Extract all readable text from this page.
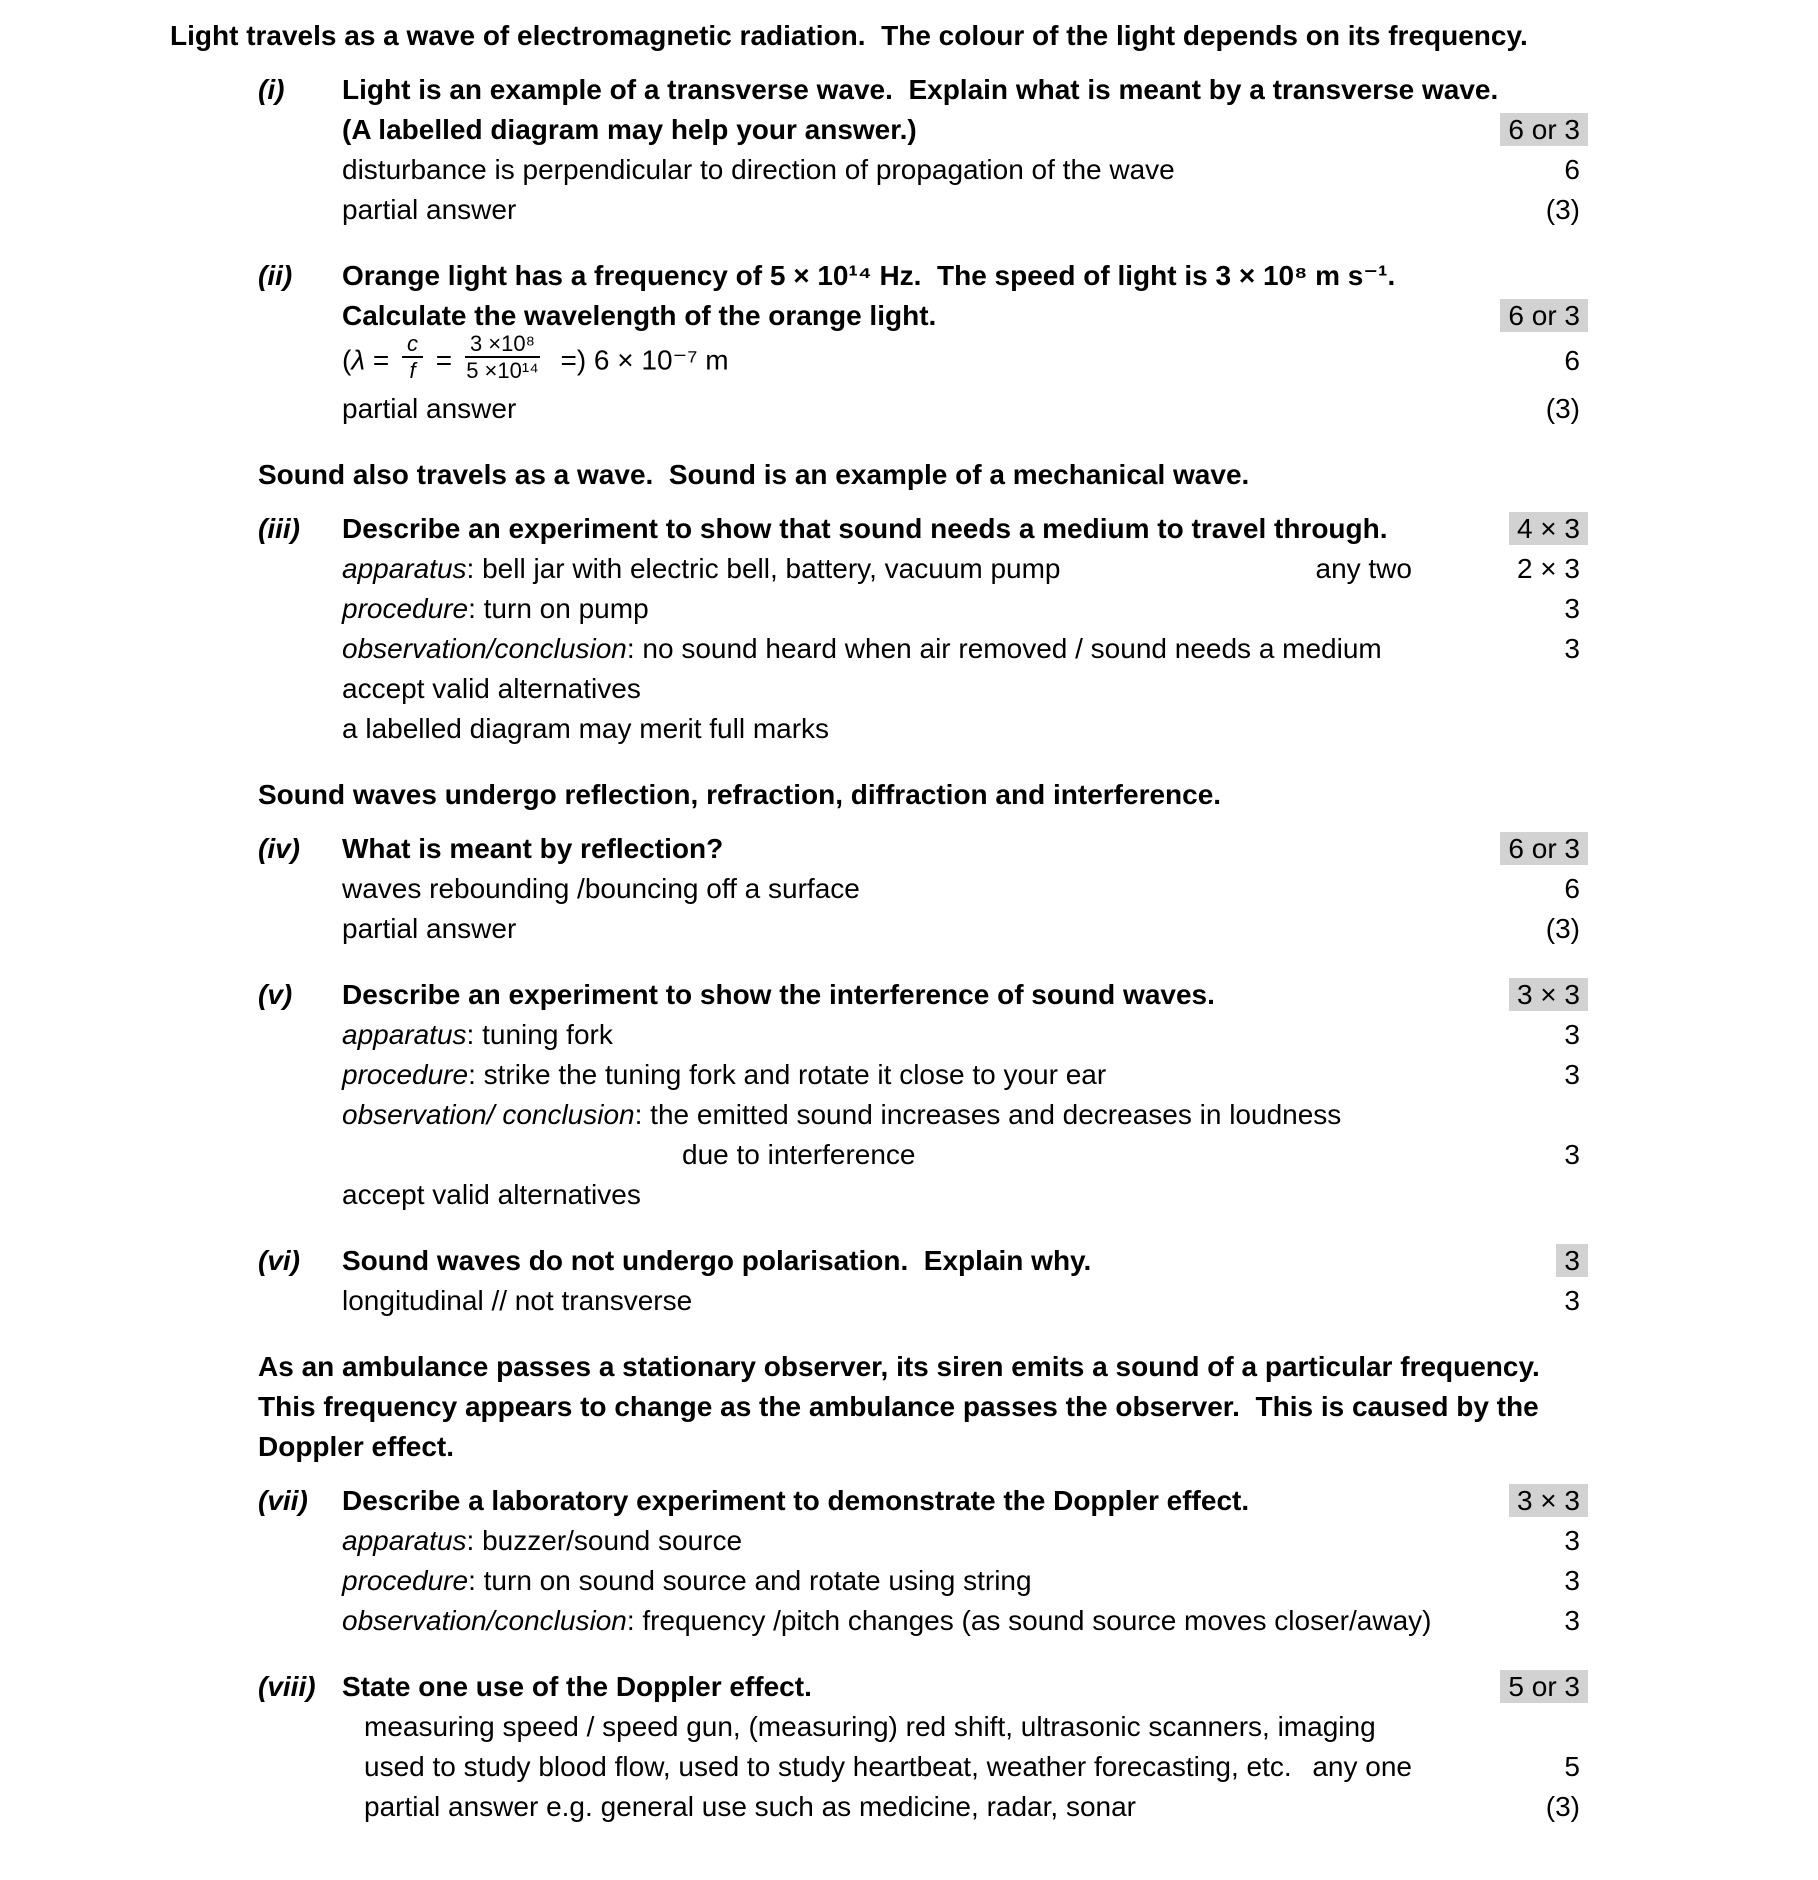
Light travels as a wave of electromagnetic radiation.  The colour of the light depends on its frequency.
(i)	Light is an example of a transverse wave.  Explain what is meant by a transverse wave.
(A labelled diagram may help your answer.)	6 or 3
disturbance is perpendicular to direction of propagation of the wave	6
partial answer	(3)
(ii)	Orange light has a frequency of 5 × 10¹⁴ Hz.  The speed of light is 3 × 10⁸ m s⁻¹.
Calculate the wavelength of the orange light.	6 or 3
($\lambda = \frac{c}{f} = \frac{\text{3 ×10⁸}}{\text{5 ×10¹⁴}}$ =) 6 × 10⁻⁷ m	6
partial answer	(3)
Sound also travels as a wave.  Sound is an example of a mechanical wave.
(iii)	Describe an experiment to show that sound needs a medium to travel through.	4 × 3
apparatus: bell jar with electric bell, battery, vacuum pump	any two	2 × 3
procedure: turn on pump	3
observation/conclusion: no sound heard when air removed / sound needs a medium	3
accept valid alternatives
a labelled diagram may merit full marks
Sound waves undergo reflection, refraction, diffraction and interference.
(iv)	What is meant by reflection?	6 or 3
waves rebounding /bouncing off a surface	6
partial answer	(3)
(v)	Describe an experiment to show the interference of sound waves.	3 × 3
apparatus: tuning fork	3
procedure: strike the tuning fork and rotate it close to your ear	3
observation/ conclusion: the emitted sound increases and decreases in loudness
due to interference	3
accept valid alternatives
(vi)	Sound waves do not undergo polarisation.  Explain why.	3
longitudinal // not transverse	3
As an ambulance passes a stationary observer, its siren emits a sound of a particular frequency.
This frequency appears to change as the ambulance passes the observer.  This is caused by the
Doppler effect.
(vii)	Describe a laboratory experiment to demonstrate the Doppler effect.	3 × 3
apparatus: buzzer/sound source	3
procedure: turn on sound source and rotate using string	3
observation/conclusion: frequency /pitch changes (as sound source moves closer/away)	3
(viii) State one use of the Doppler effect.	5 or 3
measuring speed / speed gun, (measuring) red shift, ultrasonic scanners, imaging
used to study blood flow, used to study heartbeat, weather forecasting, etc. any one	5
partial answer e.g. general use such as medicine, radar, sonar	(3)
